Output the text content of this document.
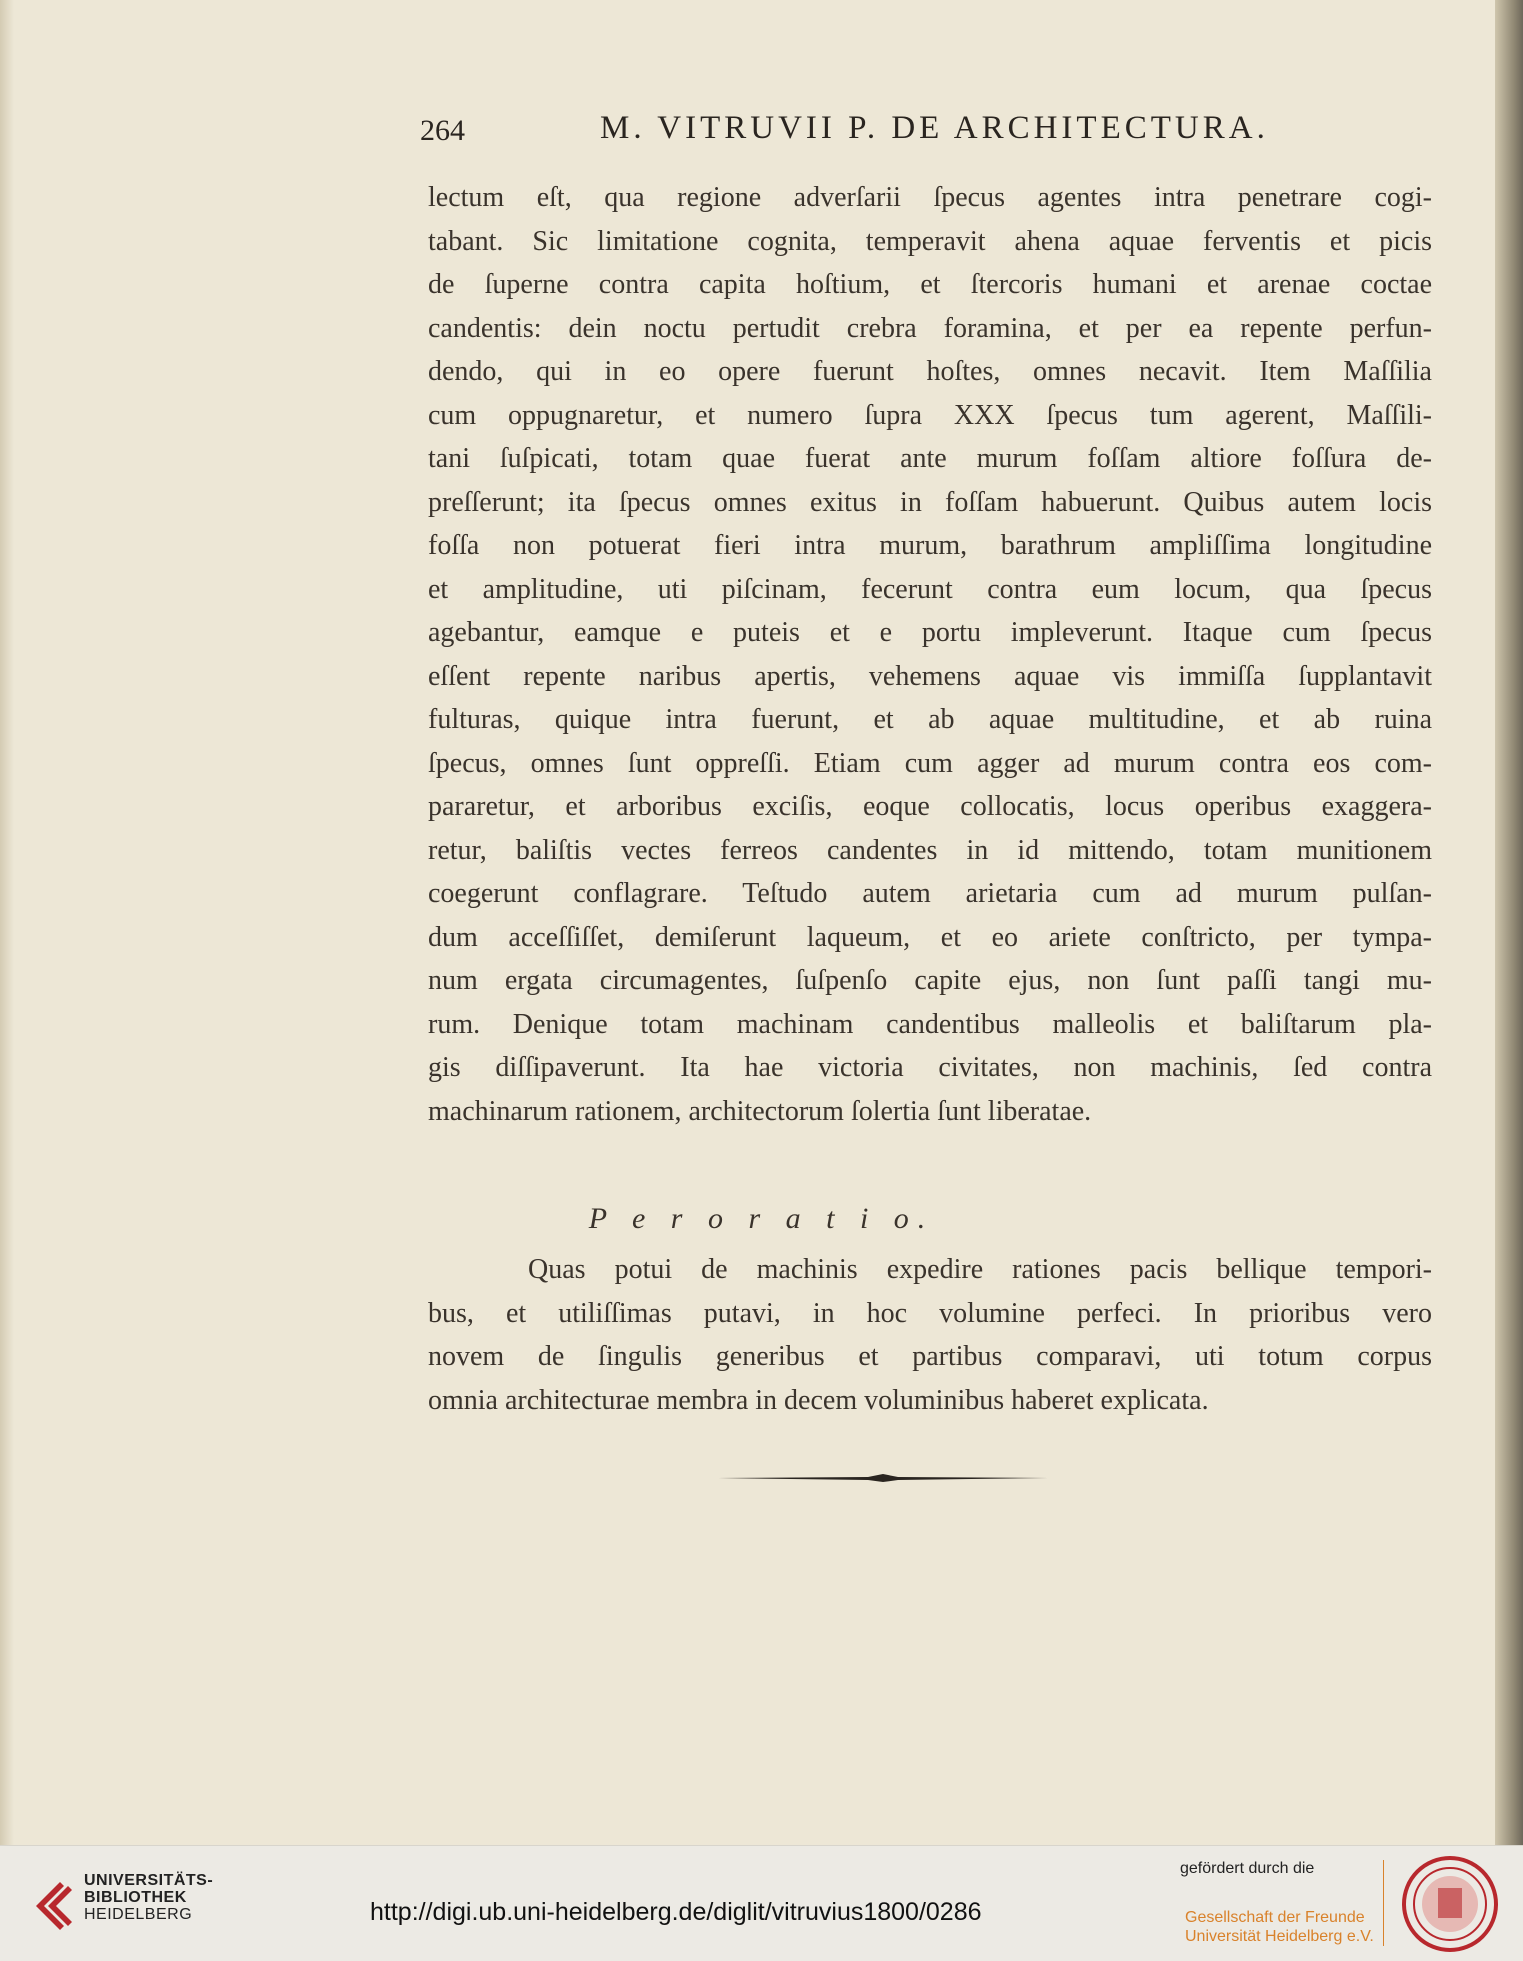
264	M. VITRUVII P. DE ARCHITECTURA.
lectum eſt, qua regione adverſarii ſpecus agentes intra penetrare cogi-
tabant. Sic limitatione cognita, temperavit ahena aquae ferventis et picis
de ſuperne contra capita hoſtium, et ſtercoris humani et arenae coctae
candentis: dein noctu pertudit crebra foramina, et per ea repente perfun-
dendo, qui in eo opere fuerunt hoſtes, omnes necavit. Item Maſſilia
cum oppugnaretur, et numero ſupra XXX ſpecus tum agerent, Maſſili-
tani ſuſpicati, totam quae fuerat ante murum foſſam altiore foſſura de-
preſſerunt; ita ſpecus omnes exitus in foſſam habuerunt. Quibus autem locis
foſſa non potuerat fieri intra murum, barathrum ampliſſima longitudine
et amplitudine, uti piſcinam, fecerunt contra eum locum, qua ſpecus
agebantur, eamque e puteis et e portu impleverunt. Itaque cum ſpecus
eſſent repente naribus apertis, vehemens aquae vis immiſſa ſupplantavit
fulturas, quique intra fuerunt, et ab aquae multitudine, et ab ruina
ſpecus, omnes ſunt oppreſſi. Etiam cum agger ad murum contra eos com-
pararetur, et arboribus exciſis, eoque collocatis, locus operibus exaggera-
retur, baliſtis vectes ferreos candentes in id mittendo, totam munitionem
coegerunt conflagrare. Teſtudo autem arietaria cum ad murum pulſan-
dum acceſſiſſet, demiſerunt laqueum, et eo ariete conſtricto, per tympa-
num ergata circumagentes, ſuſpenſo capite ejus, non ſunt paſſi tangi mu-
rum. Denique totam machinam candentibus malleolis et baliſtarum pla-
gis diſſipaverunt. Ita hae victoria civitates, non machinis, ſed contra
machinarum rationem, architectorum ſolertia ſunt liberatae.
P e r o r a t i o.
Quas potui de machinis expedire rationes pacis bellique tempori-
bus, et utiliſſimas putavi, in hoc volumine perfeci. In prioribus vero
novem de ſingulis generibus et partibus comparavi, uti totum corpus
omnia architecturae membra in decem voluminibus haberet explicata.
UNIVERSITÄTS-
BIBLIOTHEK
HEIDELBERG	http://digi.ub.uni-heidelberg.de/diglit/vitruvius1800/0286
gefördert durch die
Gesellschaft der Freunde
Universität Heidelberg e.V.
